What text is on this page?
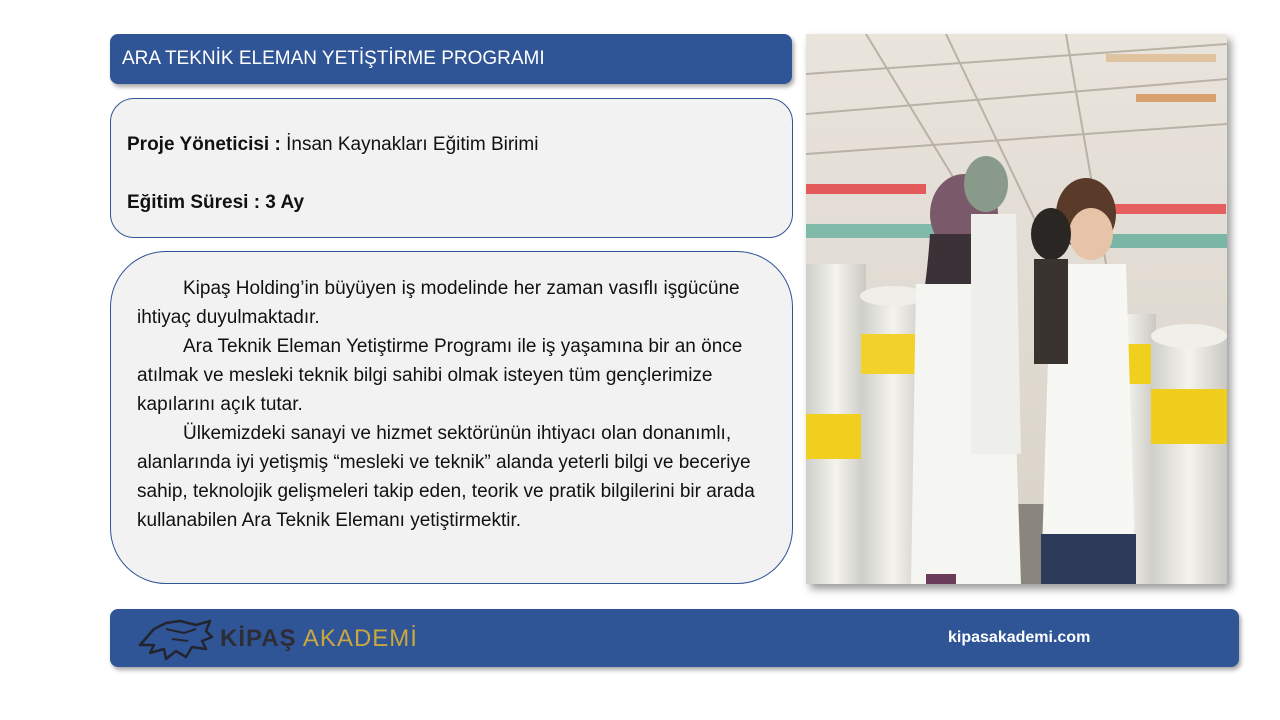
ARA TEKNİK ELEMAN YETİŞTİRME PROGRAMI
Proje Yöneticisi : İnsan Kaynakları Eğitim Birimi
Eğitim Süresi : 3 Ay

Kipaş Holding’in büyüyen iş modelinde her zaman vasıflı işgücüne ihtiyaç duyulmaktadır.

Ara Teknik Eleman Yetiştirme Programı ile iş yaşamına bir an önce atılmak ve mesleki teknik bilgi sahibi olmak isteyen tüm gençlerimize kapılarını açık tutar.

Ülkemizdeki sanayi ve hizmet sektörünün ihtiyacı olan donanımlı, alanlarında iyi yetişmiş “mesleki ve teknik” alanda yeterli bilgi ve beceriye sahip, teknolojik gelişmeleri takip eden, teorik ve pratik bilgilerini bir arada kullanabilen Ara Teknik Elemanı yetiştirmektir.

KİPAŞ AKADEMİ	kipasakademi.com
